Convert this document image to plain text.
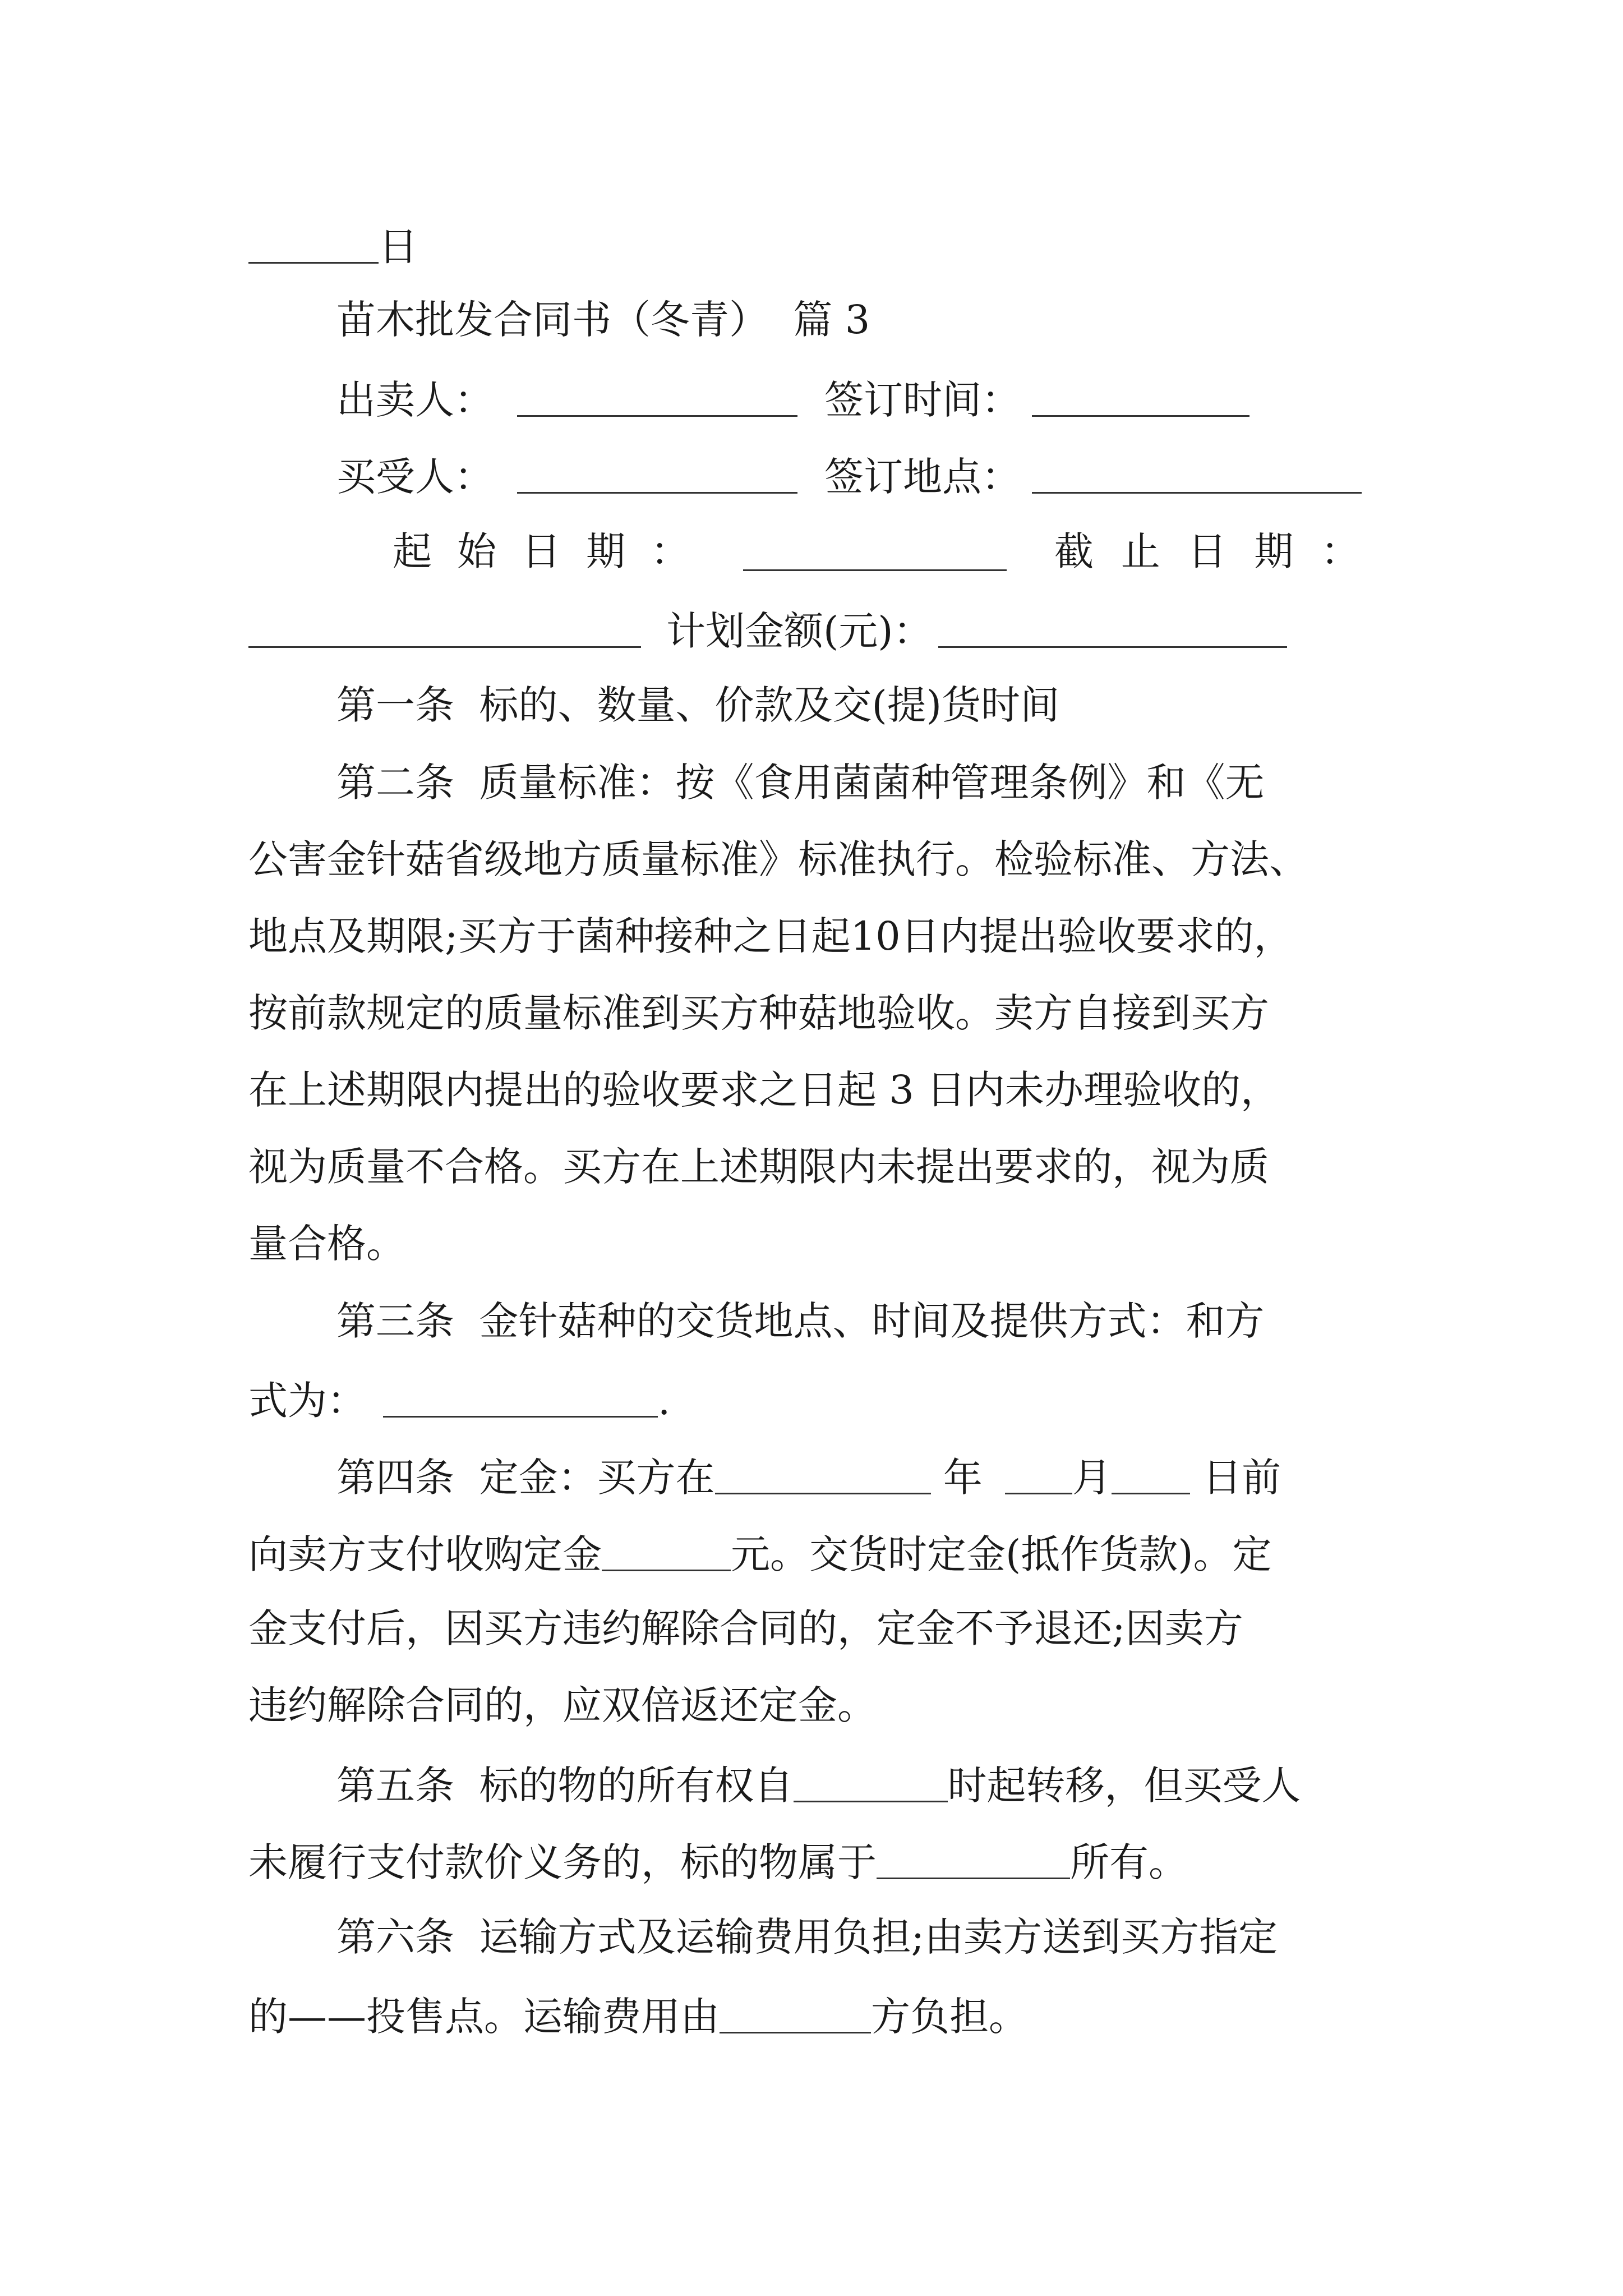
日
苗木批发合同书（冬青）  篇 3
出卖人：	签订时间：
买受人：	签订地点：
起 始 日 期 ：	截 止 日 期 ：
计划金额(元)：
第一条  标的、数量、价款及交(提)货时间
第二条  质量标准：按《食用菌菌种管理条例》和《无
公害金针菇省级地方质量标准》标准执行。检验标准、方法、
地点及期限;买方于菌种接种之日起10日内提出验收要求的，
按前款规定的质量标准到买方种菇地验收。卖方自接到买方
在上述期限内提出的验收要求之日起 3 日内未办理验收的，
视为质量不合格。买方在上述期限内未提出要求的，视为质
量合格。
第三条  金针菇种的交货地点、时间及提供方式：和方
式为：	.
第四条  定金：买方在	年 月 日前
向卖方支付收购定金	元。交货时定金(抵作货款)。定
金支付后，因买方违约解除合同的，定金不予退还;因卖方
违约解除合同的，应双倍返还定金。
第五条  标的物的所有权自	时起转移，但买受人
未履行支付款价义务的，标的物属于	所有。
第六条  运输方式及运输费用负担;由卖方送到买方指定
的——投售点。运输费用由	方负担。
